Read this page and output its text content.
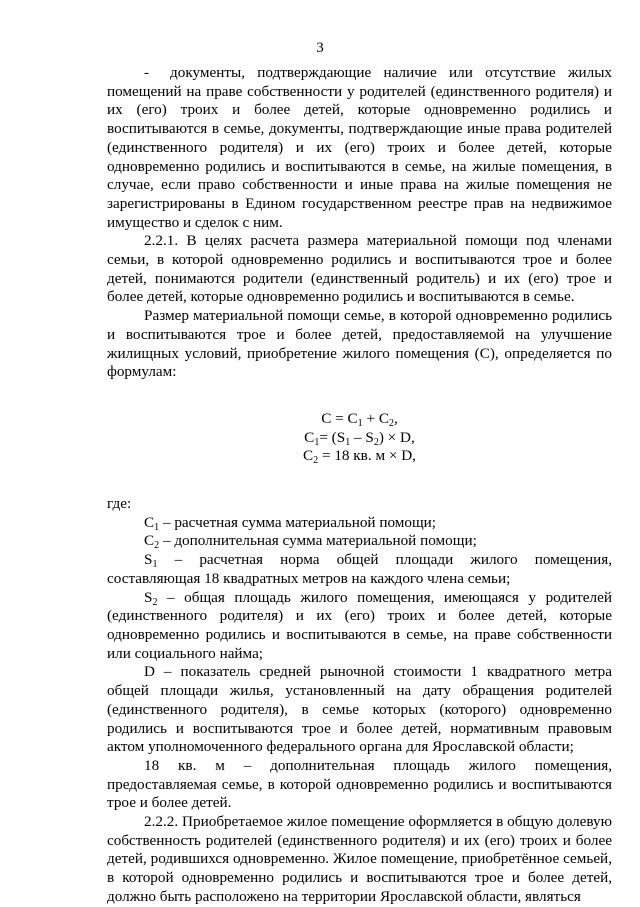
3

- документы, подтверждающие наличие или отсутствие жилых помещений на праве собственности у родителей (единственного родителя) и их (его) троих и более детей, которые одновременно родились и воспитываются в семье, документы, подтверждающие иные права родителей (единственного родителя) и их (его) троих и более детей, которые одновременно родились и воспитываются в семье, на жилые помещения, в случае, если право собственности и иные права на жилые помещения не зарегистрированы в Едином государственном реестре прав на недвижимое имущество и сделок с ним.

2.2.1. В целях расчета размера материальной помощи под членами семьи, в которой одновременно родились и воспитываются трое и более детей, понимаются родители (единственный родитель) и их (его) трое и более детей, которые одновременно родились и воспитываются в семье.

Размер материальной помощи семье, в которой одновременно родились и воспитываются трое и более детей, предоставляемой на улучшение жилищных условий, приобретение жилого помещения (С), определяется по формулам:

$С = С_1 + С_2$,
$С_1= (S_1 - S_2) \times D$,
$С_2 = 18$ кв. м × D,

где:

$С_1$ – расчетная сумма материальной помощи;

$С_2$ – дополнительная сумма материальной помощи;

$S_1$ – расчетная норма общей площади жилого помещения, составляющая 18 квадратных метров на каждого члена семьи;

$S_2$ – общая площадь жилого помещения, имеющаяся у родителей (единственного родителя) и их (его) троих и более детей, которые одновременно родились и воспитываются в семье, на праве собственности или социального найма;

D – показатель средней рыночной стоимости 1 квадратного метра общей площади жилья, установленный на дату обращения родителей (единственного родителя), в семье которых (которого) одновременно родились и воспитываются трое и более детей, нормативным правовым актом уполномоченного федерального органа для Ярославской области;

18 кв. м – дополнительная площадь жилого помещения, предоставляемая семье, в которой одновременно родились и воспитываются трое и более детей.

2.2.2. Приобретаемое жилое помещение оформляется в общую долевую собственность родителей (единственного родителя) и их (его) троих и более детей, родившихся одновременно. Жилое помещение, приобретённое семьей, в которой одновременно родились и воспитываются трое и более детей, должно быть расположено на территории Ярославской области, являться
